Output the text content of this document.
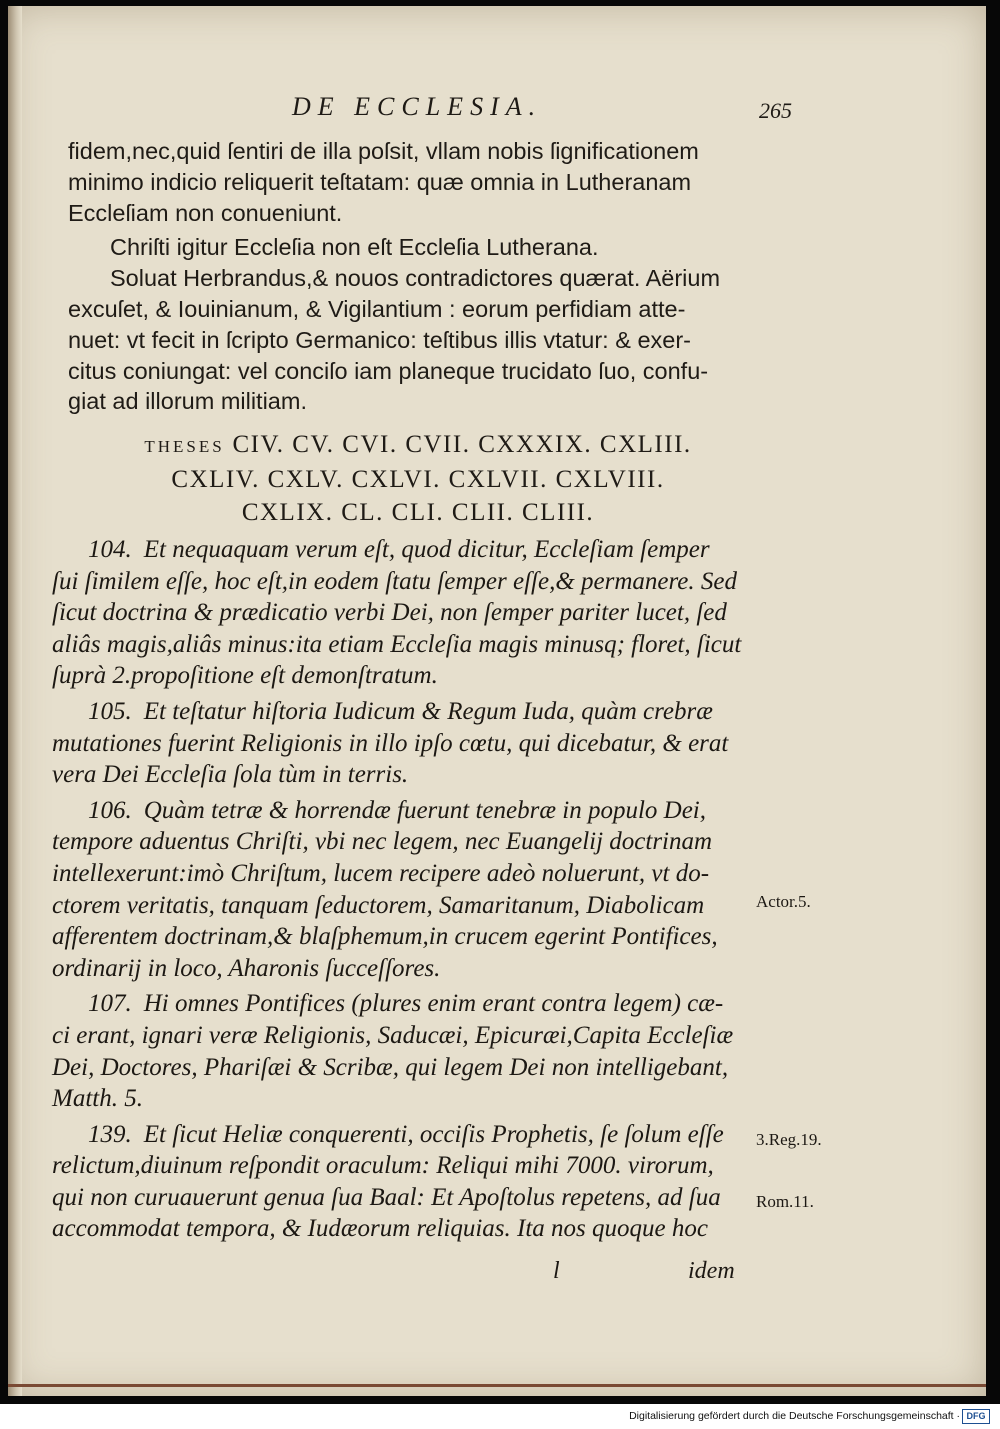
DE ECCLESIA.	265

fidem,nec,quid ſentiri de illa poſsit, vllam nobis ſignificationem
minimo indicio reliquerit teſtatam: quæ omnia in Lutheranam
Eccleſiam non conueniunt.

Chriſti igitur Eccleſia non eſt Eccleſia Lutherana.

Soluat Herbrandus,& nouos contradictores quærat. Aërium
excuſet, & Iouinianum, & Vigilantium : eorum perfidiam atte-
nuet: vt fecit in ſcripto Germanico: teſtibus illis vtatur: & exer-
citus coniungat: vel conciſo iam planeque trucidato ſuo, confu-
giat ad illorum militiam.

THESES CIV. CV. CVI. CVII. CXXXIX. CXLIII.
CXLIV. CXLV. CXLVI. CXLVII. CXLVIII.
CXLIX. CL. CLI. CLII. CLIII.

104. Et nequaquam verum eſt, quod dicitur, Eccleſiam ſemper
ſui ſimilem eſſe, hoc eſt,in eodem ſtatu ſemper eſſe,& permanere. Sed
ſicut doctrina & prædicatio verbi Dei, non ſemper pariter lucet, ſed
aliâs magis,aliâs minus:ita etiam Eccleſia magis minusq; floret, ſicut
ſuprà 2.propoſitione eſt demonſtratum.

105. Et teſtatur hiſtoria Iudicum & Regum Iuda, quàm crebræ
mutationes fuerint Religionis in illo ipſo cœtu, qui dicebatur, & erat
vera Dei Eccleſia ſola tùm in terris.

106. Quàm tetræ & horrendæ fuerunt tenebræ in populo Dei,
tempore aduentus Chriſti, vbi nec legem, nec Euangelij doctrinam
intellexerunt:imò Chriſtum, lucem recipere adeò noluerunt, vt do-
ctorem veritatis, tanquam ſeductorem, Samaritanum, Diabolicam
afferentem doctrinam,& blaſphemum,in crucem egerint Pontifices,
ordinarij in loco, Aharonis ſucceſſores.

107. Hi omnes Pontifices (plures enim erant contra legem) cæ-
ci erant, ignari veræ Religionis, Saducæi, Epicuræi,Capita Eccleſiæ
Dei, Doctores, Phariſæi & Scribæ, qui legem Dei non intelligebant,
Matth. 5.

139. Et ſicut Heliæ conquerenti, occiſis Prophetis, ſe ſolum eſſe
relictum,diuinum reſpondit oraculum: Reliqui mihi 7000. virorum,
qui non curuauerunt genua ſua Baal: Et Apoſtolus repetens, ad ſua
accommodat tempora, & Iudæorum reliquias. Ita nos quoque hoc

Actor.5.
3.Reg.19.
Rom.11.
l	idem
Digitalisierung gefördert durch die Deutsche Forschungsgemeinschaft · DFG
